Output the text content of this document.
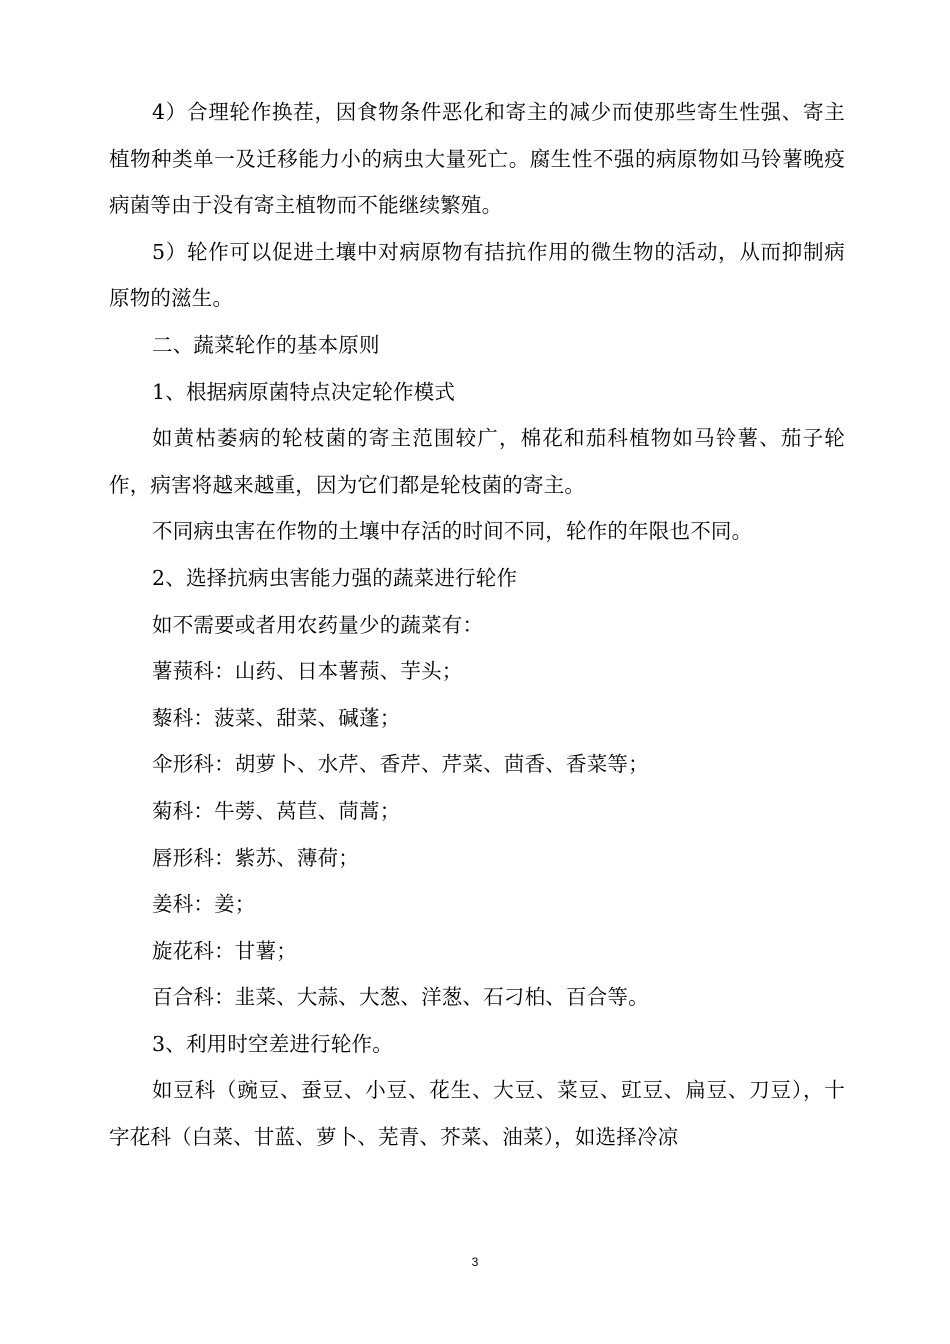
4）合理轮作换茬，因食物条件恶化和寄主的减少而使那些寄生性强、寄主植物种类单一及迁移能力小的病虫大量死亡。腐生性不强的病原物如马铃薯晚疫病菌等由于没有寄主植物而不能继续繁殖。

5）轮作可以促进土壤中对病原物有拮抗作用的微生物的活动，从而抑制病原物的滋生。

二、蔬菜轮作的基本原则

1、根据病原菌特点决定轮作模式

如黄枯萎病的轮枝菌的寄主范围较广，棉花和茄科植物如马铃薯、茄子轮作，病害将越来越重，因为它们都是轮枝菌的寄主。

不同病虫害在作物的土壤中存活的时间不同，轮作的年限也不同。

2、选择抗病虫害能力强的蔬菜进行轮作

如不需要或者用农药量少的蔬菜有：

薯蓣科：山药、日本薯蓣、芋头；

藜科：菠菜、甜菜、碱蓬；

伞形科：胡萝卜、水芹、香芹、芹菜、茴香、香菜等；

菊科：牛蒡、莴苣、茼蒿；

唇形科：紫苏、薄荷；

姜科：姜；

旋花科：甘薯；

百合科：韭菜、大蒜、大葱、洋葱、石刁柏、百合等。

3、利用时空差进行轮作。

如豆科（豌豆、蚕豆、小豆、花生、大豆、菜豆、豇豆、扁豆、刀豆），十字花科（白菜、甘蓝、萝卜、芜青、芥菜、油菜），如选择冷凉

3
